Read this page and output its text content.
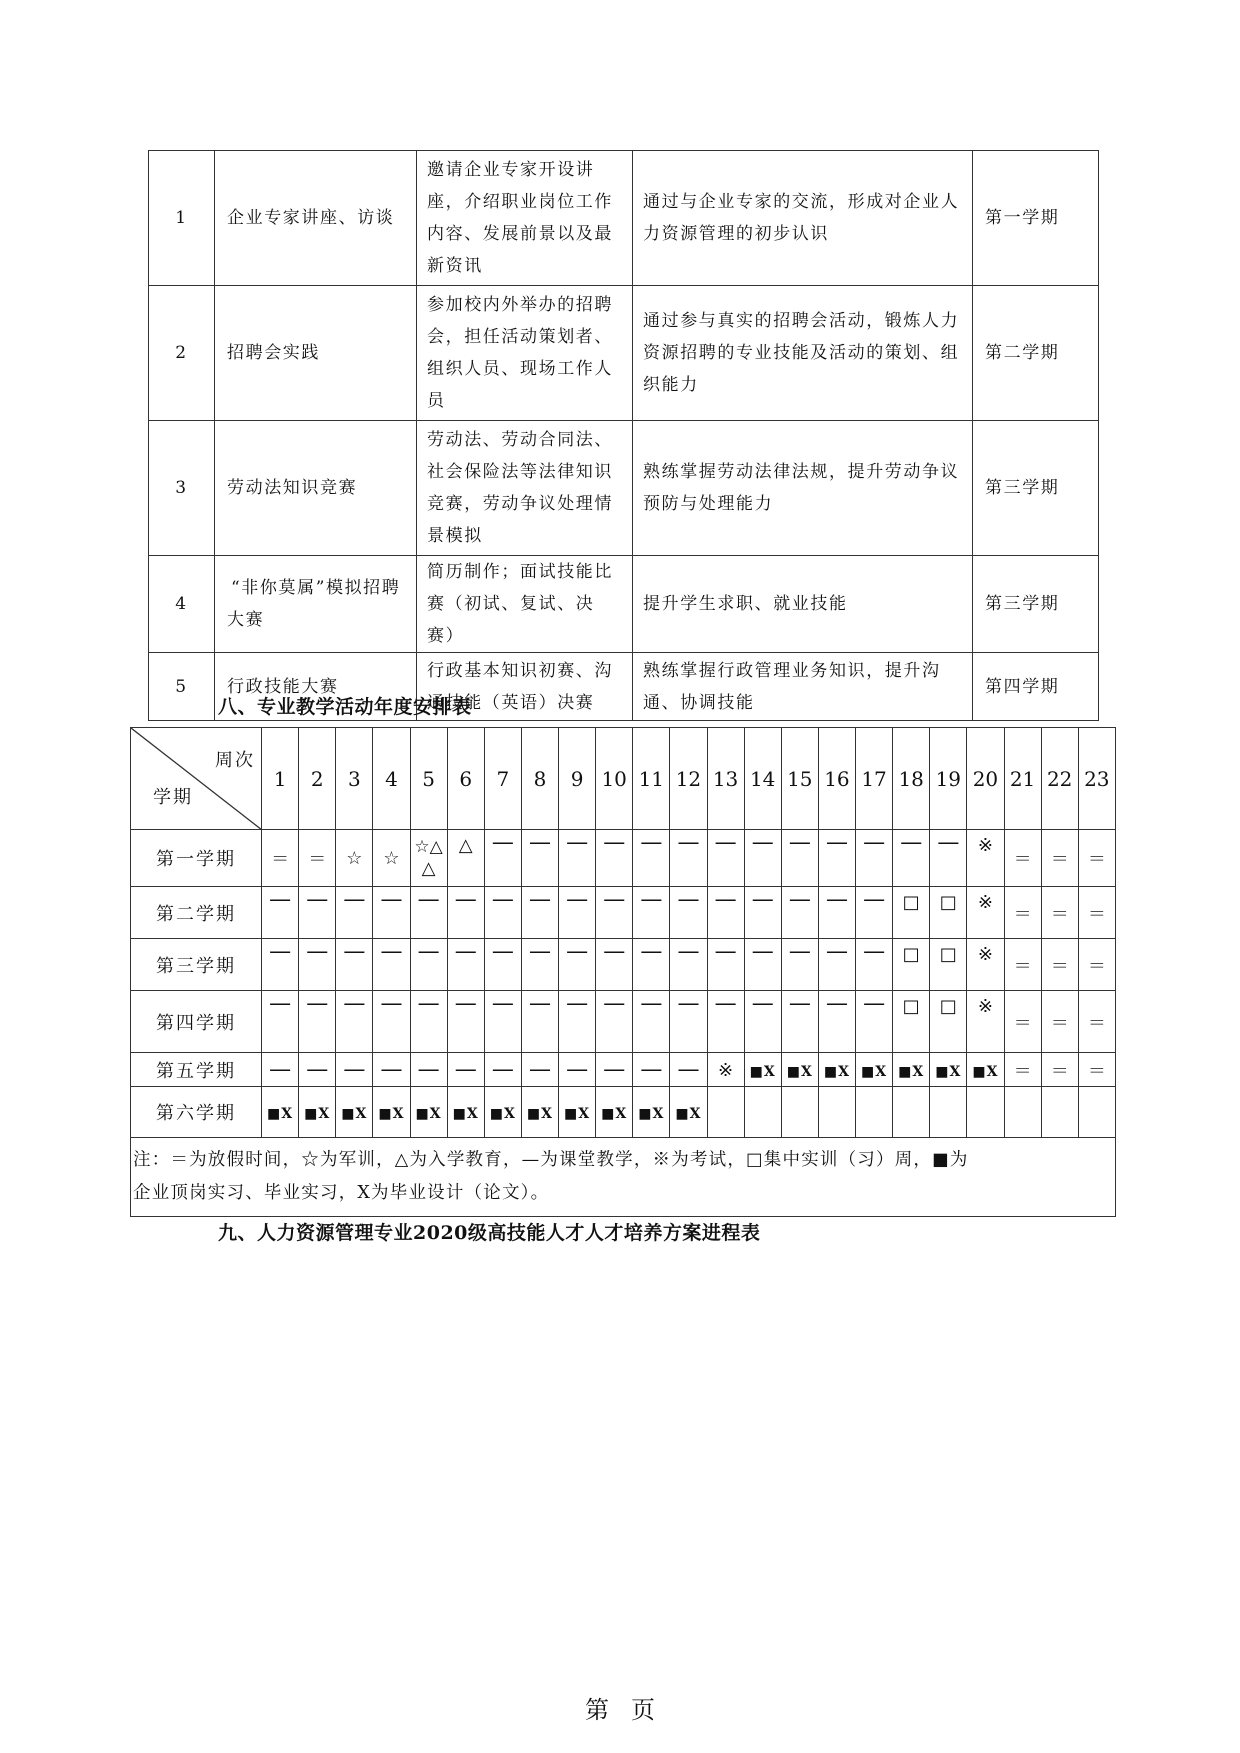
1	企业专家讲座、访谈	邀请企业专家开设讲
座，介绍职业岗位工作
内容、发展前景以及最
新资讯	通过与企业专家的交流，形成对企业人
力资源管理的初步认识	第一学期
2	招聘会实践	参加校内外举办的招聘
会，担任活动策划者、
组织人员、现场工作人
员	通过参与真实的招聘会活动，锻炼人力
资源招聘的专业技能及活动的策划、组
织能力	第二学期
3	劳动法知识竞赛	劳动法、劳动合同法、
社会保险法等法律知识
竞赛，劳动争议处理情
景模拟	熟练掌握劳动法律法规，提升劳动争议
预防与处理能力	第三学期
4	“非你莫属”模拟招聘
大赛	简历制作；面试技能比
赛（初试、复试、决赛）	提升学生求职、就业技能	第三学期
5	行政技能大赛	行政基本知识初赛、沟
通技能（英语）决赛	熟练掌握行政管理业务知识，提升沟
通、协调技能	第四学期
八、专业教学活动年度安排表
周次
学期	1	2	3	4	5	6	7	8	9	10	11	12	13	14	15	16	17	18	19	20	21	22	23
第一学期	＝	＝	☆	☆	☆△
△	△	—	—	—	—	—	—	—	—	—	—	—	—	—	※	＝	＝	＝
第二学期	—	—	—	—	—	—	—	—	—	—	—	—	—	—	—	—	—	□	□	※	＝	＝	＝
第三学期	—	—	—	—	—	—	—	—	—	—	—	—	—	—	—	—	—	□	□	※	＝	＝	＝
第四学期	—	—	—	—	—	—	—	—	—	—	—	—	—	—	—	—	—	□	□	※	＝	＝	＝
第五学期	—	—	—	—	—	—	—	—	—	—	—	—	※	■X	■X	■X	■X	■X	■X	■X	＝	＝	＝
第六学期	■X	■X	■X	■X	■X	■X	■X	■X	■X	■X	■X	■X											

注：＝为放假时间，☆为军训，△为入学教育，—为课堂教学，※为考试，□集中实训（习）周，■为
企业顶岗实习、毕业实习，X为毕业设计（论文）。																							
九、人力资源管理专业2020级高技能人才人才培养方案进程表
第页
